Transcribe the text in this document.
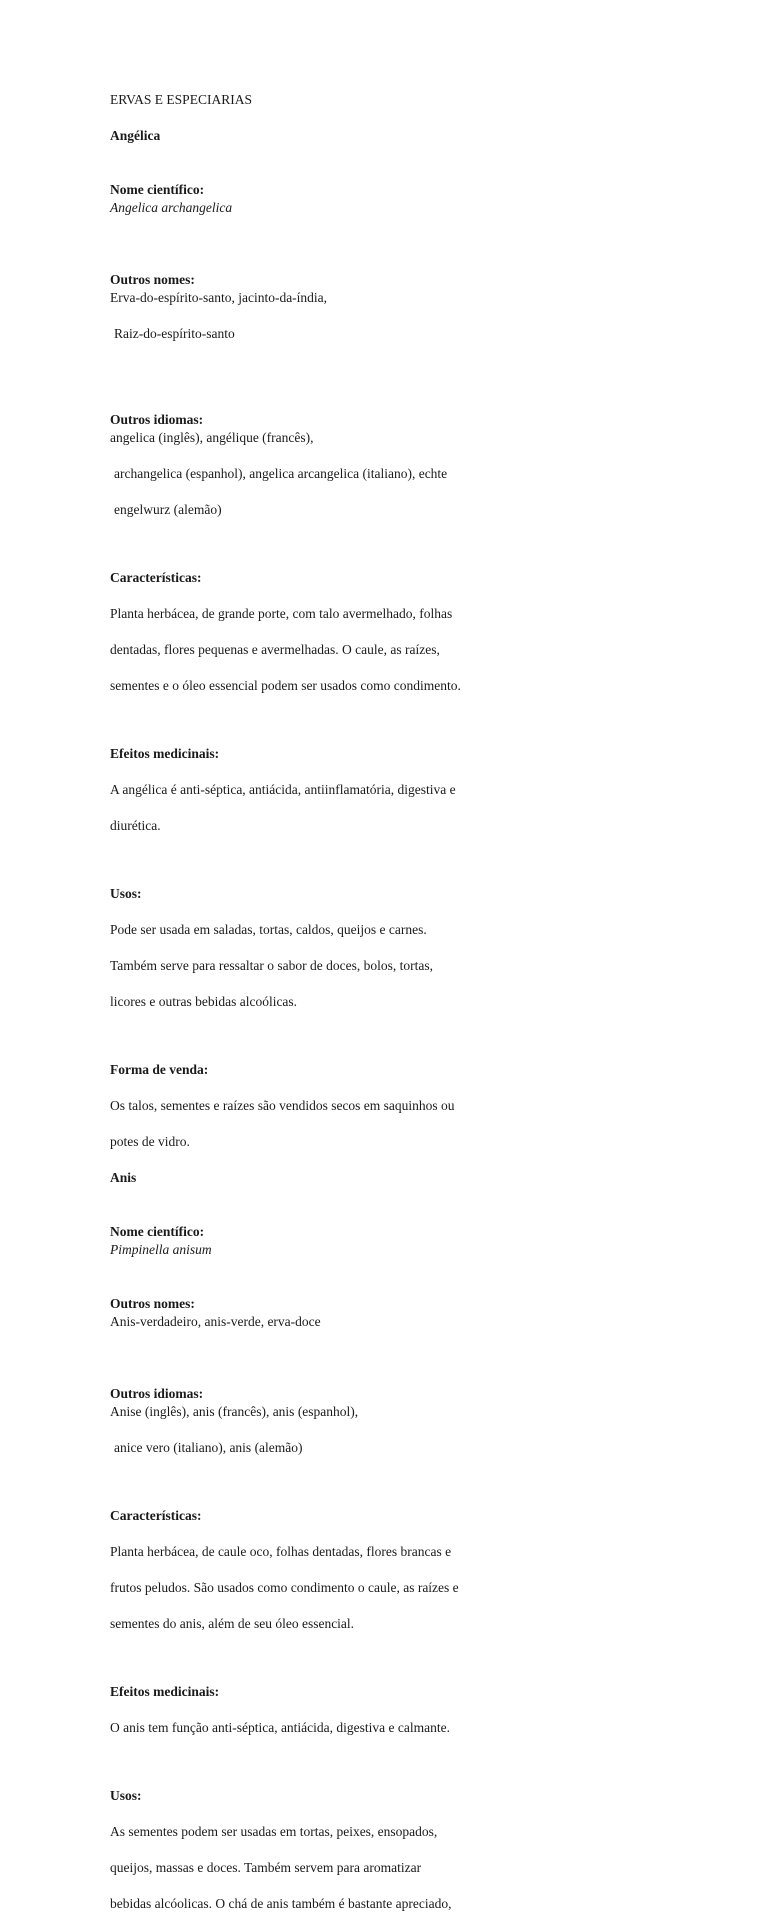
ERVAS E ESPECIARIAS
Angélica

Nome científico:
Angelica archangelica

Outros nomes:
Erva-do-espírito-santo, jacinto-da-índia,

Raiz-do-espírito-santo

Outros idiomas:
angelica (inglês), angélique (francês),

archangelica (espanhol), angelica arcangelica (italiano), echte

engelwurz (alemão)

Características:

Planta herbácea, de grande porte, com talo avermelhado, folhas

dentadas, flores pequenas e avermelhadas. O caule, as raízes,

sementes e o óleo essencial podem ser usados como condimento.

Efeitos medicinais:

A angélica é anti-séptica, antiácida, antiinflamatória, digestiva e

diurética.

Usos:

Pode ser usada em saladas, tortas, caldos, queijos e carnes.

Também serve para ressaltar o sabor de doces, bolos, tortas,

licores e outras bebidas alcoólicas.

Forma de venda:

Os talos, sementes e raízes são vendidos secos em saquinhos ou

potes de vidro.

Anis

Nome científico:
Pimpinella anisum

Outros nomes:
Anis-verdadeiro, anis-verde, erva-doce

Outros idiomas:
Anise (inglês), anis (francês), anis (espanhol),

anice vero (italiano), anis (alemão)

Características:

Planta herbácea, de caule oco, folhas dentadas, flores brancas e

frutos peludos. São usados como condimento o caule, as raízes e

sementes do anis, além de seu óleo essencial.

Efeitos medicinais:

O anis tem função anti-séptica, antiácida, digestiva e calmante.

Usos:

As sementes podem ser usadas em tortas, peixes, ensopados,

queijos, massas e doces. Também servem para aromatizar

bebidas alcóolicas. O chá de anis também é bastante apreciado,
